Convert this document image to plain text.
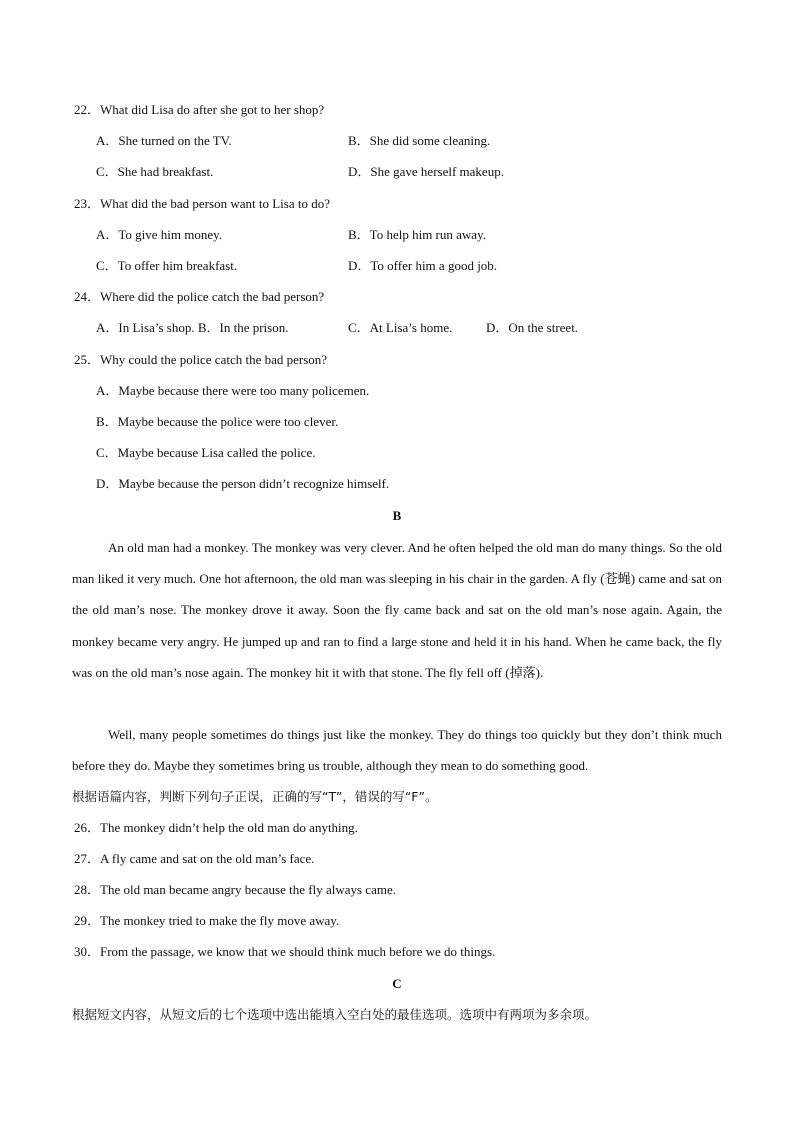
22．What did Lisa do after she got to her shop?
A．She turned on the TV.	B．She did some cleaning.
C．She had breakfast.	D．She gave herself makeup.
23．What did the bad person want to Lisa to do?
A．To give him money.	B．To help him run away.
C．To offer him breakfast.	D．To offer him a good job.
24．Where did the police catch the bad person?
A．In Lisa’s shop. B．In the prison.	C．At Lisa’s home.	D．On the street.
25．Why could the police catch the bad person?
A．Maybe because there were too many policemen.
B．Maybe because the police were too clever.
C．Maybe because Lisa called the police.
D．Maybe because the person didn’t recognize himself.
B
An old man had a monkey. The monkey was very clever. And he often helped the old man do many things. So the old man liked it very much. One hot afternoon, the old man was sleeping in his chair in the garden. A fly (苍蝇) came and sat on the old man’s nose. The monkey drove it away. Soon the fly came back and sat on the old man’s nose again. Again, the monkey became very angry. He jumped up and ran to find a large stone and held it in his hand. When he came back, the fly was on the old man’s nose again. The monkey hit it with that stone. The fly fell off (掉落).
Well, many people sometimes do things just like the monkey. They do things too quickly but they don’t think much before they do. Maybe they sometimes bring us trouble, although they mean to do something good.
根据语篇内容，判断下列句子正误，正确的写“T”，错误的写“F”。
26．The monkey didn’t help the old man do anything.
27．A fly came and sat on the old man’s face.
28．The old man became angry because the fly always came.
29．The monkey tried to make the fly move away.
30．From the passage, we know that we should think much before we do things.
C
根据短文内容，从短文后的七个选项中选出能填入空白处的最佳选项。选项中有两项为多余项。
